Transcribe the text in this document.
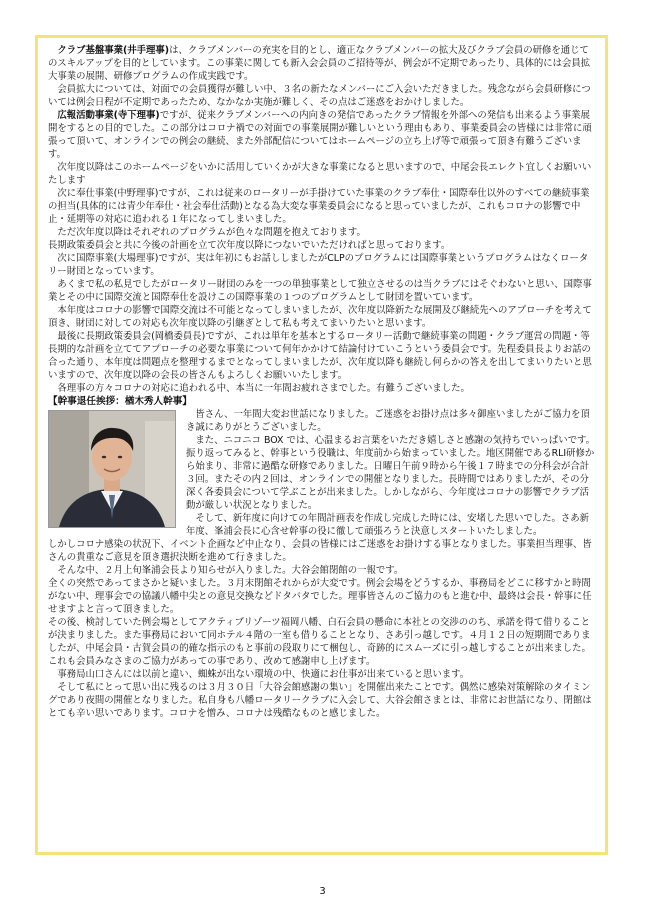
クラブ基盤事業(井手理事)は、クラブメンバーの充実を目的とし、適正なクラブメンバーの拡大及びクラブ会員の研修を通じてのスキルアップを目的としています。この事業に関しても新入会会員のご招待等が、例会が不定期であったり、具体的には会員拡大事業の展開、研修プログラムの作成実践です。

会員拡大については、対面での会員獲得が難しい中、３名の新たなメンバーにご入会いただきました。残念ながら会員研修については例会日程が不定期であったため、なかなか実施が難しく、その点はご迷惑をおかけしました。

広報活動事業(寺下理事)ですが、従来クラブメンバーへの内向きの発信であったクラブ情報を外部への発信も出来るよう事業展開をするとの目的でした。この部分はコロナ禍での対面での事業展開が難しいという理由もあり、事業委員会の皆様には非常に頑張って頂いて、オンラインでの例会の継続、また外部配信についてはホームページの立ち上げ等で頑張って頂き有難うございます。

次年度以降はこのホームページをいかに活用していくかが大きな事業になると思いますので、中尾会長エレクト宜しくお願いいたします

次に奉仕事業(中野理事)ですが、これは従来のロータリーが手掛けていた事業のクラブ奉仕・国際奉仕以外のすべての継続事業の担当(具体的には青少年奉仕・社会奉仕活動)となる為大変な事業委員会になると思っていましたが、これもコロナの影響で中止・延期等の対応に追われる１年になってしまいました。

ただ次年度以降はそれぞれのプログラムが色々な問題を抱えております。

長期政策委員会と共に今後の計画を立て次年度以降につないでいただければと思っております。

次に国際事業(大場理事)ですが、実は年初にもお話ししましたがCLPのプログラムには国際事業というプログラムはなくロータリー財団となっています。

あくまで私の私見でしたがロータリー財団のみを一つの単独事業として独立させるのは当クラブにはそぐわないと思い、国際事業とその中に国際交流と国際奉仕を設けこの国際事業の１つのプログラムとして財団を置いています。

本年度はコロナの影響で国際交流は不可能となってしまいましたが、次年度以降新たな展開及び継続先へのアプローチを考えて頂き、財団に対しての対応も次年度以降の引継ぎとして私も考えてまいりたいと思います。

最後に長期政策委員会(岡橋委員長)ですが、これは単年を基本とするロータリー活動で継続事業の問題・クラブ運営の問題・等長期的な計画を立ててアプローチの必要な事業について何年かかけて結論付けていこうという委員会です。先程委員長よりお話の合った通り、本年度は問題点を整理するまでとなってしまいましたが、次年度以降も継続し何らかの答えを出してまいりたいと思いますので、次年度以降の会長の皆さんもよろしくお願いいたします。

各理事の方々コロナの対応に追われる中、本当に一年間お疲れさまでした。有難うございました。

【幹事退任挨拶：楢木秀人幹事】

皆さん、一年間大変お世話になりました。ご迷惑をお掛け点は多々御座いましたがご協力を頂き誠にありがとうございました。

また、ニコニコ BOX では、心温まるお言葉をいただき嬉しさと感謝の気持ちでいっぱいです。振り返ってみると、幹事という役職は、年度前から始まっていました。地区開催であるRLI研修から始まり、非常に過酷な研修でありました。日曜日午前９時から午後１７時までの分科会が合計３回。またその内２回は、オンラインでの開催となりました。長時間ではありましたが、その分深く各委員会について学ぶことが出来ました。しかしながら、今年度はコロナの影響でクラブ活動が厳しい状況となりました。

そして、新年度に向けての年間計画表を作成し完成した時には、安堵した思いでした。さあ新年度、峯浦会長に心含せ幹事の役に徹して頑張ろうと決意しスタートいたしました。

しかしコロナ感染の状況下、イベント企画など中止なり、会員の皆様にはご迷惑をお掛けする事となりました。事業担当理事、皆さんの貴重なご意見を頂き選択決断を進めて行きました。

そんな中、２月上旬峯浦会長より知らせが入りました。大谷会館閉館の一報です。

全くの突然であってまさかと疑いました。３月末閉館それからが大変です。例会会場をどうするか、事務局をどこに移すかと時間がない中、理事会での協議八幡中尖との意見交換などドタバタでした。理事皆さんのご協力のもと進む中、最終は会長・幹事に任せますよと言って頂きました。

その後、検討していた例会場としてアクティブリゾーツ福岡八幡、白石会員の懸命に本社との交渉ののち、承諾を得て借りることが決まりました。また事務局において同ホテル４階の一室も借りることとなり、さあ引っ越しです。４月１２日の短期間でありましたが、中尾会員・古賀会員の的確な指示のもと事前の段取りにて梱包し、奇跡的にスムーズに引っ越しすることが出来ました。これも会員みなさまのご協力があっての事であり、改めて感謝申し上げます。

事務局山口さんには以前と違い、蜘蛛が出ない環境の中、快適にお仕事が出来ていると思います。

そして私にとって思い出に残るのは３月３０日「大谷会館感謝の集い」を開催出来たことです。偶然に感染対策解除のタイミングであり夜間の開催となりました。私自身も八幡ロータリークラブに入会して、大谷会館さまとは、非常にお世話になり、閉館はとても辛い思いであります。コロナを憎み、コロナは残酷なものと感じました。

3
